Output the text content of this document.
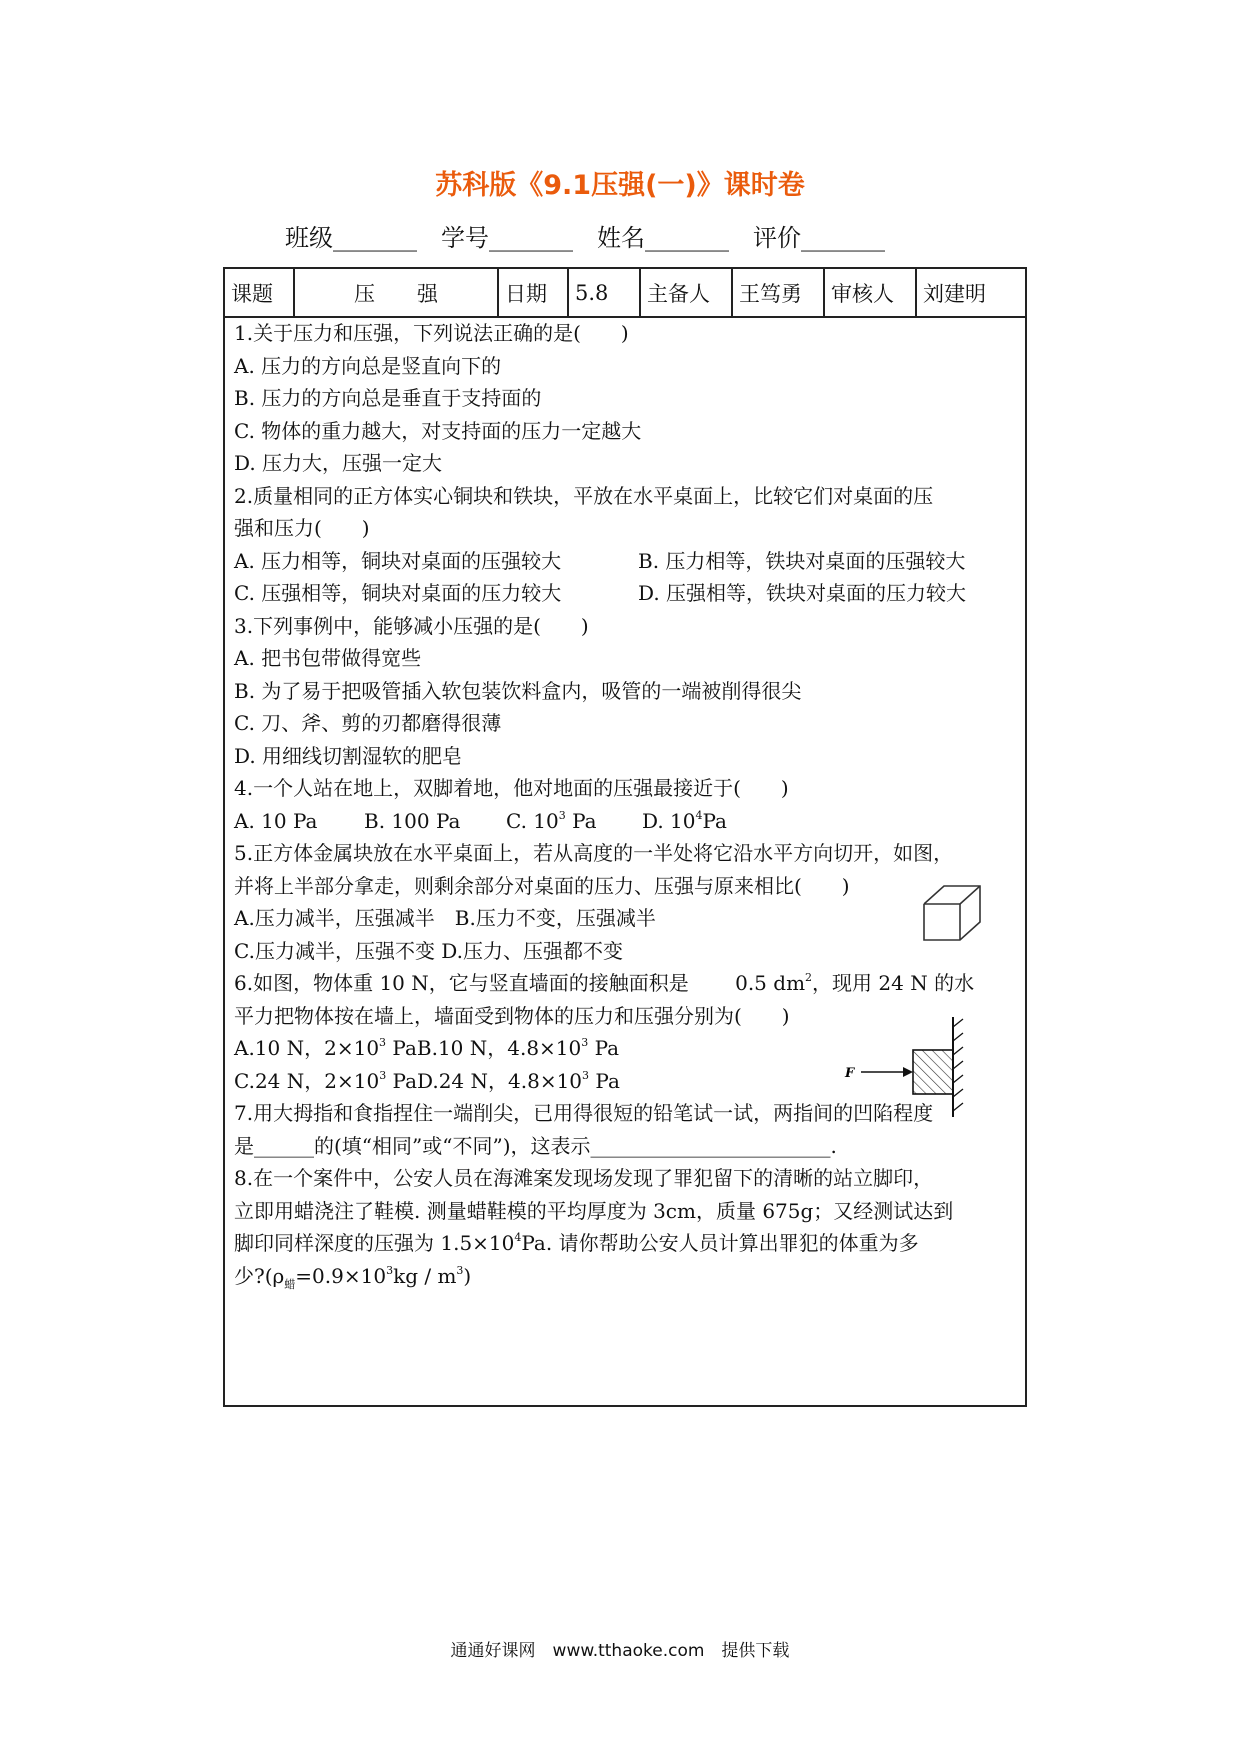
苏科版《9.1压强(一)》课时卷
班级_______ 学号_______ 姓名_______ 评价_______
课题	压　　强	日期	5.8	主备人	王笃勇	审核人	刘建明
1.关于压力和压强，下列说法正确的是(　　)
A. 压力的方向总是竖直向下的
B. 压力的方向总是垂直于支持面的
C. 物体的重力越大，对支持面的压力一定越大
D. 压力大，压强一定大
2.质量相同的正方体实心铜块和铁块，平放在水平桌面上，比较它们对桌面的压
强和压力(　　)
A. 压力相等，铜块对桌面的压强较大	B. 压力相等，铁块对桌面的压强较大
C. 压强相等，铜块对桌面的压力较大	D. 压强相等，铁块对桌面的压力较大
3.下列事例中，能够减小压强的是(　　)
A. 把书包带做得宽些
B. 为了易于把吸管插入软包装饮料盒内，吸管的一端被削得很尖
C. 刀、斧、剪的刃都磨得很薄
D. 用细线切割湿软的肥皂
4.一个人站在地上，双脚着地，他对地面的压强最接近于(　　)
A. 10 Pa B. 100 Pa C. $10^3$ Pa D. $10^4Pa$
5.正方体金属块放在水平桌面上，若从高度的一半处将它沿水平方向切开，如图，
并将上半部分拿走，则剩余部分对桌面的压力、压强与原来相比(　　)
A.压力减半，压强减半　B.压力不变，压强减半
C.压力减半，压强不变 D.压力、压强都不变
6.如图，物体重 10 N，它与竖直墙面的接触面积是　　 0.5 $dm^2$，现用 24 N 的水
平力把物体按在墙上，墙面受到物体的压力和压强分别为(　　)
A.10 N，$2\times 10^3$ PaB.10 N，$4.8\times 10^3$ Pa
C.24 N，$2\times 10^3$ PaD.24 N，$4.8\times 10^3$ Pa
7.用大拇指和食指捏住一端削尖，已用得很短的铅笔试一试，两指间的凹陷程度
是______的(填“相同”或“不同”)，这表示________________________.
8.在一个案件中，公安人员在海滩案发现场发现了罪犯留下的清晰的站立脚印，
立即用蜡浇注了鞋模. 测量蜡鞋模的平均厚度为 3cm，质量 675g；又经测试达到
脚印同样深度的压强为 $1.5\times 10^4Pa$. 请你帮助公安人员计算出罪犯的体重为多
少$?(\rho_蜡=0.9\times 10^3kg / m^3)$
F
通通好课网　www.tthaoke.com　提供下载
